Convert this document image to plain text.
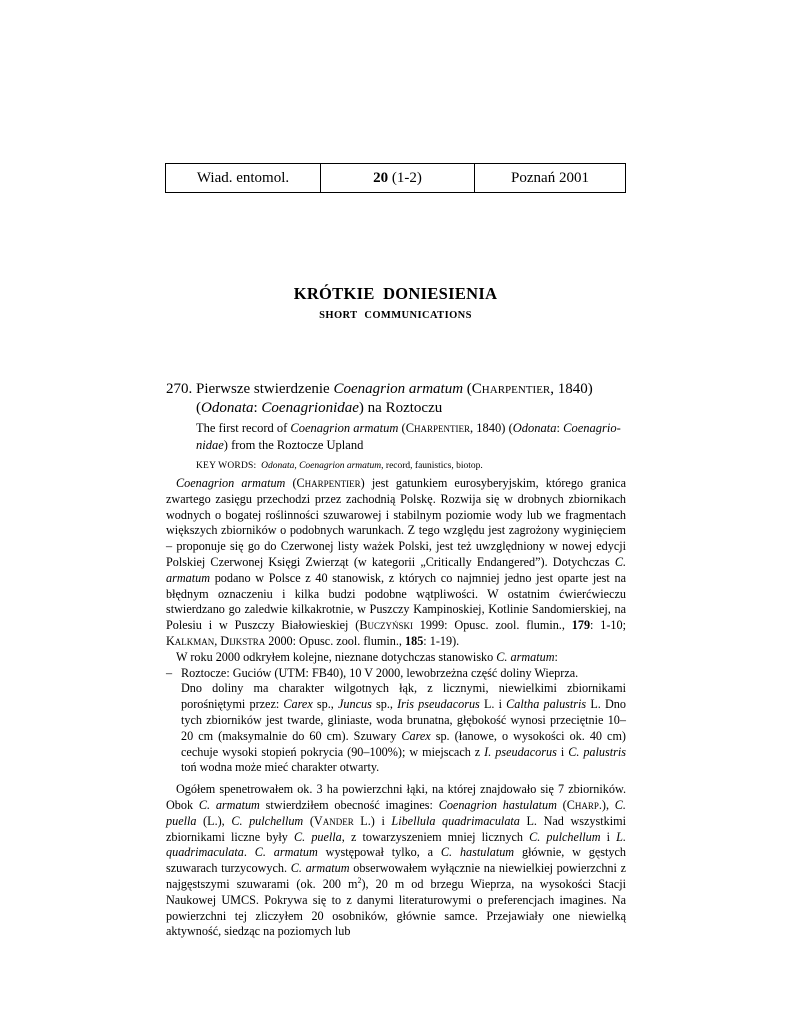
Wiad. entomol.	20
(1-2)	Poznań 2001
KRÓTKIE DONIESIENIA
SHORT COMMUNICATIONS
270. Pierwsze stwierdzenie Coenagrion armatum (Charpentier, 1840)
(Odonata: Coenagrionidae) na Roztoczu
The first record of Coenagrion armatum (Charpentier, 1840) (Odonata: Coenagrio-
nidae) from the Roztocze Upland
KEY WORDS: Odonata, Coenagrion armatum, record, faunistics, biotop.

Coenagrion armatum (Charpentier) jest gatunkiem eurosyberyjskim, którego granica zwartego zasięgu przechodzi przez zachodnią Polskę. Rozwija się w drobnych zbiornikach wodnych o bogatej roślinności szuwarowej i stabilnym poziomie wody lub we fragmentach większych zbiorników o podobnych warunkach. Z tego względu jest zagrożony wyginięciem – proponuje się go do Czerwonej listy ważek Polski, jest też uwzględniony w nowej edycji Polskiej Czerwonej Księgi Zwierząt (w kategorii „Critically Endangered”). Dotychczas C. armatum podano w Polsce z 40 stanowisk, z których co najmniej jedno jest oparte jest na błędnym oznaczeniu i kilka budzi podobne wątpliwości. W ostatnim ćwierćwieczu stwierdzano go zaledwie kilkakrotnie, w Puszczy Kampinoskiej, Kotlinie Sandomierskiej, na Polesiu i w Puszczy Białowieskiej (Buczyński 1999: Opusc. zool. flumin., 179: 1-10; Kalkman, Dijkstra 2000: Opusc. zool. flumin., 185: 1-19).

W roku 2000 odkryłem kolejne, nieznane dotychczas stanowisko C. armatum:

– Roztocze: Guciów (UTM: FB40), 10 V 2000, lewobrzeżna część doliny Wieprza.

Dno doliny ma charakter wilgotnych łąk, z licznymi, niewielkimi zbiornikami porośniętymi przez: Carex sp., Juncus sp., Iris pseudacorus L. i Caltha palustris L. Dno tych zbiorników jest twarde, gliniaste, woda brunatna, głębokość wynosi przeciętnie 10–20 cm (maksymalnie do 60 cm). Szuwary Carex sp. (łanowe, o wysokości ok. 40 cm) cechuje wysoki stopień pokrycia (90–100%); w miejscach z I. pseudacorus i C. palustris toń wodna może mieć charakter otwarty.

Ogółem spenetrowałem ok. 3 ha powierzchni łąki, na której znajdowało się 7 zbiorników. Obok C. armatum stwierdziłem obecność imagines: Coenagrion hastulatum (Charp.), C. puella (L.), C. pulchellum (Vander L.) i Libellula quadrimaculata L. Nad wszystkimi zbiornikami liczne były C. puella, z towarzyszeniem mniej licznych C. pulchellum i L. quadrimaculata. C. armatum występował tylko, a C. hastulatum głównie, w gęstych szuwarach turzycowych. C. armatum obserwowałem wyłącznie na niewielkiej powierzchni z najgęstszymi szuwarami (ok. 200 $m^2$), 20 m od brzegu Wieprza, na wysokości Stacji Naukowej UMCS. Pokrywa się to z danymi literaturowymi o preferencjach imagines. Na powierzchni tej zliczyłem 20 osobników, głównie samce. Przejawiały one niewielką aktywność, siedząc na poziomych lub
